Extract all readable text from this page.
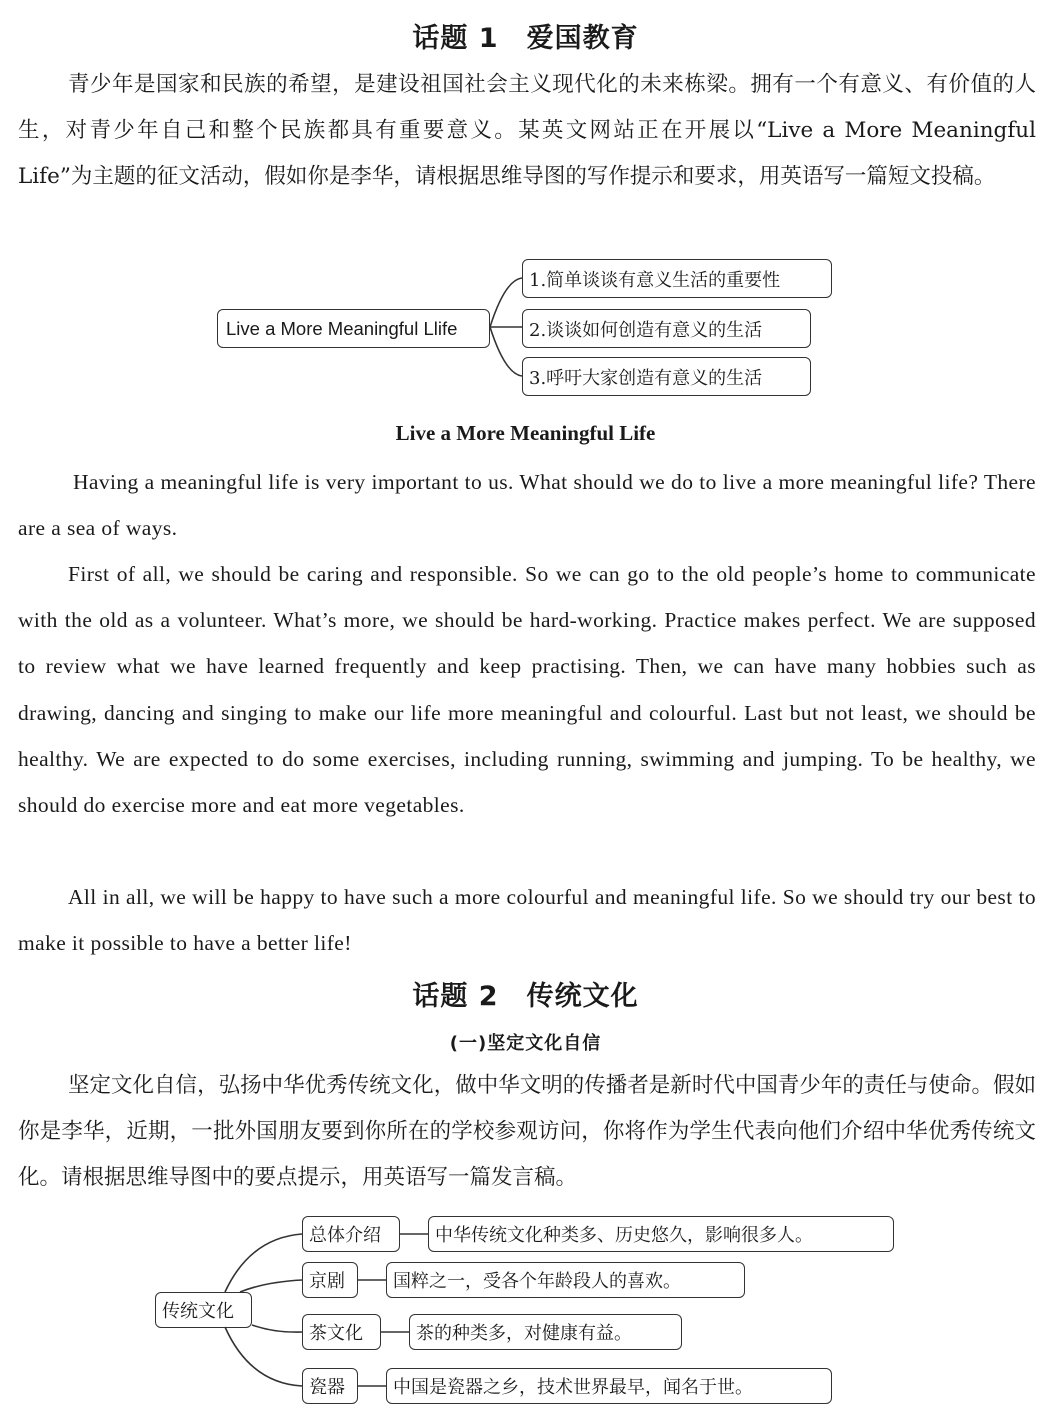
话题 1　爱国教育

青少年是国家和民族的希望，是建设祖国社会主义现代化的未来栋梁。拥有一个有意义、有价值的人生，对青少年自己和整个民族都具有重要意义。某英文网站正在开展以“Live a More Meaningful Life”为主题的征文活动，假如你是李华，请根据思维导图的写作提示和要求，用英语写一篇短文投稿。

Live a More Meaningful Llife
1.简单谈谈有意义生活的重要性
2.谈谈如何创造有意义的生活
3.呼吁大家创造有意义的生活
Live a More Meaningful Life

Having a meaningful life is very important to us. What should we do to live a more meaningful life? There are a sea of ways.

First of all, we should be caring and responsible. So we can go to the old people’s home to communicate with the old as a volunteer. What’s more, we should be hard-working. Practice makes perfect. We are supposed to review what we have learned frequently and keep practising. Then, we can have many hobbies such as drawing, dancing and singing to make our life more meaningful and colourful. Last but not least, we should be healthy. We are expected to do some exercises, including running, swimming and jumping. To be healthy, we should do exercise more and eat more vegetables.

All in all, we will be happy to have such a more colourful and meaningful life. So we should try our best to make it possible to have a better life!

话题 2　传统文化
(一)坚定文化自信

坚定文化自信，弘扬中华优秀传统文化，做中华文明的传播者是新时代中国青少年的责任与使命。假如你是李华，近期，一批外国朋友要到你所在的学校参观访问，你将作为学生代表向他们介绍中华优秀传统文化。请根据思维导图中的要点提示，用英语写一篇发言稿。

传统文化
总体介绍	中华传统文化种类多、历史悠久，影响很多人。
京剧	国粹之一，受各个年龄段人的喜欢。
茶文化	茶的种类多，对健康有益。
瓷器	中国是瓷器之乡，技术世界最早，闻名于世。
